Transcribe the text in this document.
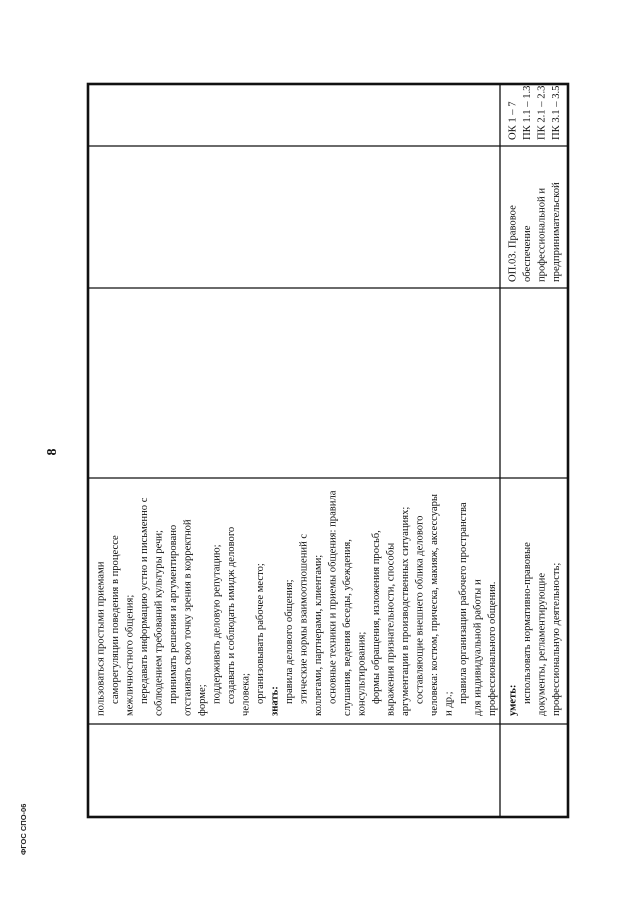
8
ФГОС СПО-06
пользоваться простыми приемами саморегуляции поведения в процессе межличностного общения; передавать информацию устно и письменно с соблюдением требований культуры речи; принимать решения и аргументировано отстаивать свою точку зрения в корректной форме; поддерживать деловую репутацию; создавать и соблюдать имидж делового человека; организовывать рабочее место; знать: правила делового общения; этические нормы взаимоотношений с коллегами, партнерами, клиентами; основные техники и приемы общения: правила слушания, ведения беседы, убеждения, консультирования; формы обращения, изложения просьб, выражения признательности, способы аргументации в производственных ситуациях; составляющие внешнего облика делового человека: костюм, прическа, макияж, аксессуары и др.; правила организации рабочего пространства для индивидуальной работы и профессионального общения. уметь: использовать нормативно-правовые документы, регламентирующие профессиональную деятельность;
ОП.03. Правовое обеспечение профессиональной и предпринимательской
ОК 1 – 7 ПК 1.1 – 1.3 ПК 2.1 – 2.3 ПК 3.1 – 3.5
